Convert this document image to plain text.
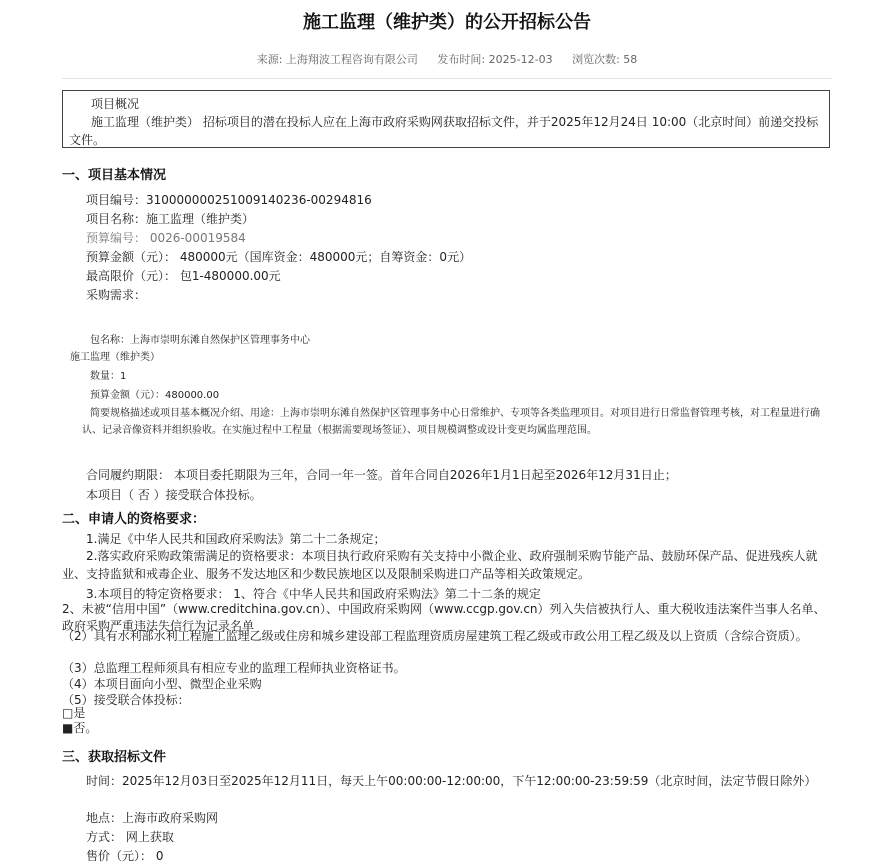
施工监理（维护类）的公开招标公告
来源: 上海翔波工程咨询有限公司 发布时间: 2025-12-03 浏览次数: 58
项目概况
施工监理（维护类） 招标项目的潜在投标人应在上海市政府采购网获取招标文件，并于2025年12月24日 10:00（北京时间）前递交投标文件。
一、项目基本情况
项目编号：310000000251009140236-00294816
项目名称：施工监理（维护类）
预算编号： 0026-00019584
预算金额（元）： 480000元（国库资金：480000元；自筹资金：0元）
最高限价（元）： 包1-480000.00元
采购需求：
包名称：上海市崇明东滩自然保护区管理事务中心
施工监理（维护类）
数量：1
预算金额（元）：480000.00
简要规格描述或项目基本概况介绍、用途：上海市崇明东滩自然保护区管理事务中心日常维护、专项等各类监理项目。对项目进行日常监督管理考核，对工程量进行确认、记录音像资料并组织验收。在实施过程中工程量（根据需要现场签证）、项目规模调整或设计变更均属监理范围。
合同履约期限： 本项目委托期限为三年，合同一年一签。首年合同自2026年1月1日起至2026年12月31日止；
本项目（ 否 ）接受联合体投标。
二、申请人的资格要求：
1.满足《中华人民共和国政府采购法》第二十二条规定；
2.落实政府采购政策需满足的资格要求：本项目执行政府采购有关支持中小微企业、政府强制采购节能产品、鼓励环保产品、促进残疾人就业、支持监狱和戒毒企业、服务不发达地区和少数民族地区以及限制采购进口产品等相关政策规定。
3.本项目的特定资格要求： 1、符合《中华人民共和国政府采购法》第二十二条的规定
2、未被“信用中国”（www.creditchina.gov.cn）、中国政府采购网（www.ccgp.gov.cn）列入失信被执行人、重大税收违法案件当事人名单、政府采购严重违法失信行为记录名单
（2）具有水利部水利工程施工监理乙级或住房和城乡建设部工程监理资质房屋建筑工程乙级或市政公用工程乙级及以上资质（含综合资质）。
（3）总监理工程师须具有相应专业的监理工程师执业资格证书。
（4）本项目面向小型、微型企业采购
（5）接受联合体投标：
□是
■否。
三、获取招标文件
时间：2025年12月03日至2025年12月11日，每天上午00:00:00-12:00:00，下午12:00:00-23:59:59（北京时间，法定节假日除外）
地点：上海市政府采购网
方式： 网上获取
售价（元）： 0
